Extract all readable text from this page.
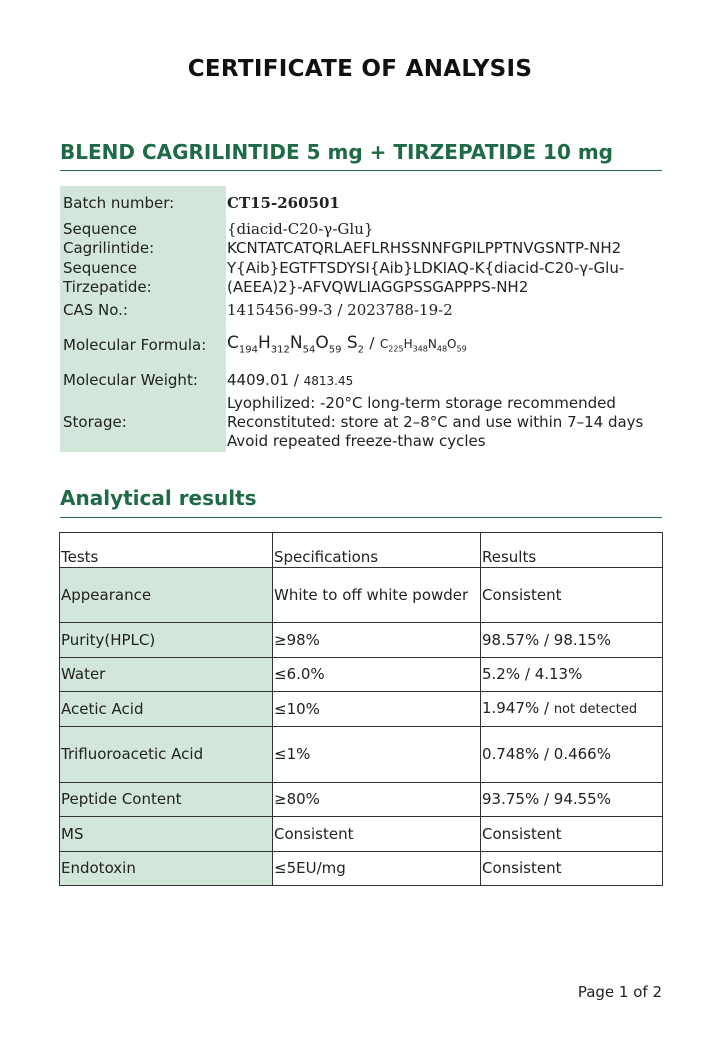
CERTIFICATE OF ANALYSIS
BLEND CAGRILINTIDE 5 mg + TIRZEPATIDE 10 mg
Batch number:	CT15-260501
Sequence
Cagrilintide:
{diacid-C20-γ-Glu}
KCNTATCATQRLAEFLRHSSNNFGPILPPTNVGSNTP-NH2
Sequence
Tirzepatide:
Y{Aib}EGTFTSDYSI{Aib}LDKIAQ-K{diacid-C20-γ-Glu-
(AEEA)2}-AFVQWLIAGGPSSGAPPPS-NH2
CAS No.:	1415456-99-3 / 2023788-19-2
Molecular Formula: $C_{194}H_{312}N_{54}O_{59}$ $S_2 / C_{225}H_{348}N_{48}O_{59}$
Molecular Weight: 4409.01 / 4813.45
Storage:
Lyophilized: -20°C long-term storage recommended
Reconstituted: store at 2–8°C and use within 7–14 days
Avoid repeated freeze-thaw cycles
Analytical results
Tests	Specifications	Results
Appearance	White to off white powder	Consistent
Purity(HPLC)	≥98%	98.57% / 98.15%
Water	≤6.0%	5.2% / 4.13%
Acetic Acid	≤10%	1.947% / not detected
Trifluoroacetic Acid	≤1%	0.748% / 0.466%
Peptide Content	≥80%	93.75% / 94.55%
MS	Consistent	Consistent
Endotoxin	≤5EU/mg	Consistent
Page 1 of 2
